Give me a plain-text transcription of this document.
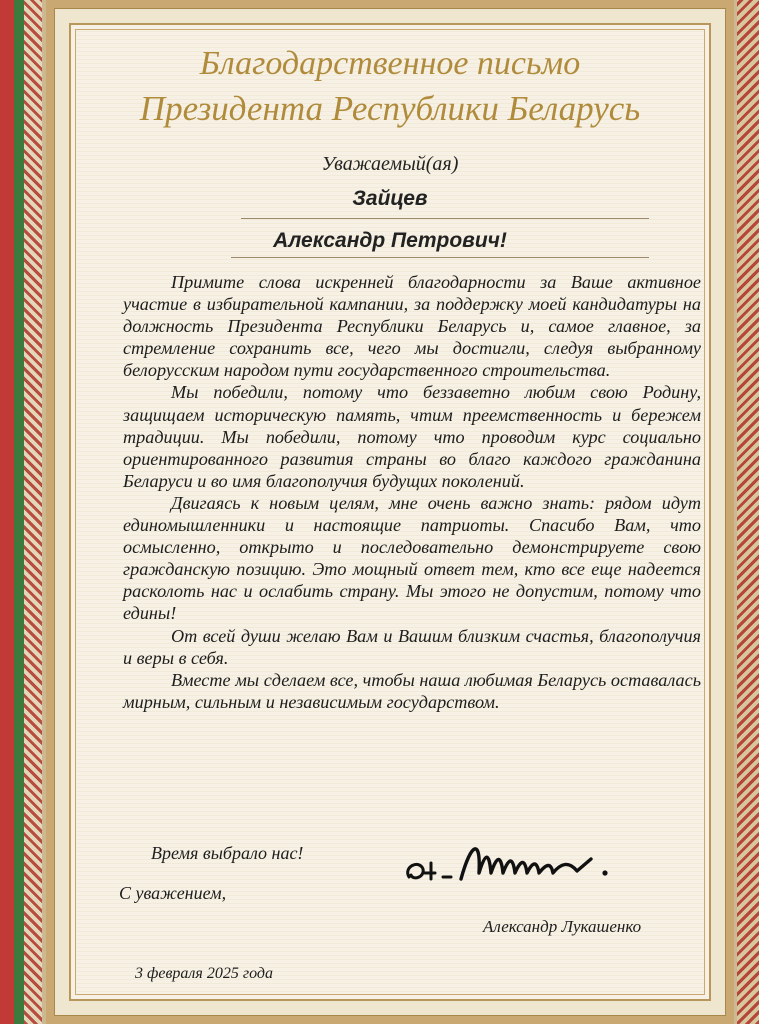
Благодарственное письмо
Президента Республики Беларусь
Уважаемый(ая)
Зайцев
Александр Петрович!

Примите слова искренней благодарности за Ваше активное участие в избирательной кампании, за поддержку моей кандидатуры на должность Президента Республики Беларусь и, самое главное, за стремление сохранить все, чего мы достигли, следуя выбранному белорусским народом пути государственного строительства.

Мы победили, потому что беззаветно любим свою Родину, защищаем историческую память, чтим преемственность и бережем традиции. Мы победили, потому что проводим курс социально ориентированного развития страны во благо каждого гражданина Беларуси и во имя благополучия будущих поколений.

Двигаясь к новым целям, мне очень важно знать: рядом идут единомышленники и настоящие патриоты. Спасибо Вам, что осмысленно, открыто и последовательно демонстрируете свою гражданскую позицию. Это мощный ответ тем, кто все еще надеется расколоть нас и ослабить страну. Мы этого не допустим, потому что едины!

От всей души желаю Вам и Вашим близким счастья, благополучия и веры в себя.

Вместе мы сделаем все, чтобы наша любимая Беларусь оставалась мирным, сильным и независимым государством.

Время выбрало нас!
С уважением,
Александр Лукашенко
3 февраля 2025 года
